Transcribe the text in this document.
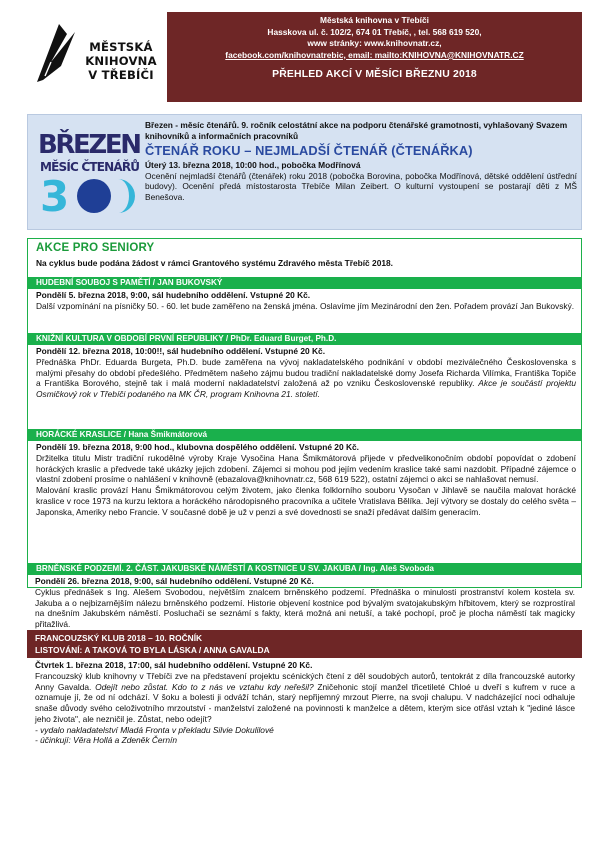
MĚSTSKÁ
KNIHOVNA
V TŘEBÍČI
Městská knihovna v Třebíči
Hasskova ul. č. 102/2, 674 01 Třebíč, , tel. 568 619 520,
www stránky: www.knihovnatr.cz,
facebook.com/knihovnatrebic, email: mailto:KNIHOVNA@KNIHOVNATR.CZ
PŘEHLED AKCÍ V MĚSÍCI BŘEZNU 2018
BŘEZEN
MĚSÍC ČTENÁŘŮ
3
Březen - měsíc čtenářů. 9. ročník celostátní akce na podporu čtenářské gramotnosti, vyhlašovaný Svazem knihovníků a informačních pracovníků
ČTENÁŘ ROKU – NEJMLADŠÍ ČTENÁŘ (ČTENÁŘKA)
Úterý 13. března 2018, 10:00 hod., pobočka Modřínová
Ocenění nejmladší čtenářů (čtenářek) roku 2018 (pobočka Borovina, pobočka Modřínová, dětské oddělení ústřední budovy). Ocenění předá místostarosta Třebíče Milan Zeibert. O kulturní vystoupení se postarají děti z MŠ Benešova.
AKCE PRO SENIORY
Na cyklus bude podána žádost v rámci Grantového systému Zdravého města Třebíč 2018.
HUDEBNÍ SOUBOJ S PAMĚTÍ / JAN BUKOVSKÝ
Pondělí 5. března 2018, 9:00, sál hudebního oddělení. Vstupné 20 Kč.
Další vzpomínání na písničky 50. - 60. let bude zaměřeno na ženská jména. Oslavíme jím Mezinárodní den žen. Pořadem provází Jan Bukovský.
KNIŽNÍ KULTURA V OBDOBÍ PRVNÍ REPUBLIKY / PhDr. Eduard Burget, Ph.D.
Pondělí 12. března 2018, 10:00!!, sál hudebního oddělení. Vstupné 20 Kč.
Přednáška PhDr. Eduarda Burgeta, Ph.D. bude zaměřena na vývoj nakladatelského podnikání v období meziválečného Československa s malými přesahy do období předešlého. Předmětem našeho zájmu budou tradiční nakladatelské domy Josefa Richarda Vilímka, Františka Topiče a Františka Borového, stejně tak i malá moderní nakladatelství založená až po vzniku Československé republiky. Akce je součástí projektu Osmičkový rok v Třebíči podaného na MK ČR, program Knihovna 21. století.
HORÁCKÉ KRASLICE / Hana Šmikmátorová
Pondělí 19. března 2018, 9:00 hod., klubovna dospělého oddělení. Vstupné 20 Kč.
Držitelka titulu Mistr tradiční rukodělné výroby Kraje Vysočina Hana Šmikmátorová přijede v předvelikonočním období popovídat o zdobení horáckých kraslic a předvede také ukázky jejich zdobení. Zájemci si mohou pod jejím vedením kraslice také sami nazdobit. Případné zájemce o vlastní zdobení prosíme o nahlášení v knihovně (ebazalova@knihovnatr.cz, 568 619 522), ostatní zájemci o akci se nahlašovat nemusí.
Malování kraslic provází Hanu Šmikmátorovou celým životem, jako členka folklorního souboru Vysočan v Jihlavě se naučila malovat horácké kraslice v roce 1973 na kurzu lektora a horáckého národopisného pracovníka a učitele Vratislava Bělíka. Její výtvory se dostaly do celého světa – Japonska, Ameriky nebo Francie. V současné době je už v penzi a své dovednosti se snaží předávat dalším generacím.
BRNĚNSKÉ PODZEMÍ. 2. ČÁST. JAKUBSKÉ NÁMĚSTÍ A KOSTNICE U SV. JAKUBA / Ing. Aleš Svoboda
Pondělí 26. března 2018, 9:00, sál hudebního oddělení. Vstupné 20 Kč.
Cyklus přednášek s Ing. Alešem Svobodou, největším znalcem brněnského podzemí. Přednáška o minulosti prostranství kolem kostela sv. Jakuba a o nejbizarnějším nálezu brněnského podzemí. Historie objevení kostnice pod bývalým svatojakubským hřbitovem, který se rozprostíral na dnešním Jakubském náměstí. Posluchači se seznámí s fakty, která možná ani netuší, a také pochopí, proč je plocha náměstí tak magicky přitažlivá.
FRANCOUZSKÝ KLUB 2018 – 10. ROČNÍK
LISTOVÁNÍ: A TAKOVÁ TO BYLA LÁSKA / ANNA GAVALDA
Čtvrtek 1. března 2018, 17:00, sál hudebního oddělení. Vstupné 20 Kč.
Francouzský klub knihovny v Třebíči zve na představení projektu scénických čtení z děl soudobých autorů, tentokrát z díla francouzské autorky Anny Gavalda. Odejít nebo zůstat. Kdo to z nás ve vztahu kdy neřešil? Zničehonic stojí manžel třicetileté Chloé u dveří s kufrem v ruce a oznamuje jí, že od ní odchází. V šoku a bolesti ji odváží tchán, starý nepřijemný mrzout Pierre, na svoji chalupu. V nadcházející noci odhaluje snaše důvody svého celoživotního mrzoutství - manželství založené na povinnosti k manželce a dětem, kterým sice otřásl vztah k "jediné lásce jeho života", ale nezničil je. Zůstat, nebo odejít?
- vydalo nakladatelství Mladá Fronta v překladu Silvie Dokulilové
- účinkují: Věra Hollá a Zdeněk Černín
